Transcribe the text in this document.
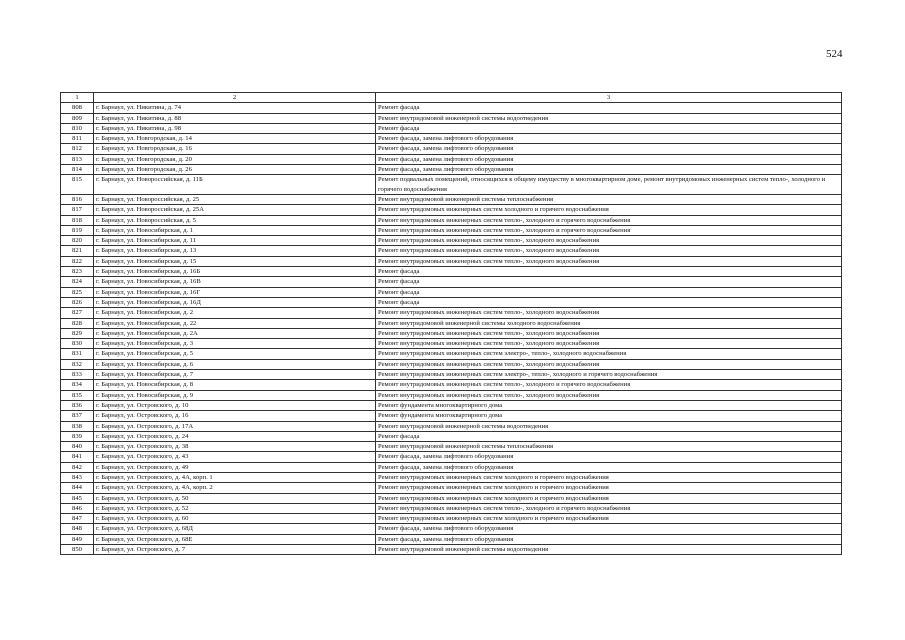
524
1	2	3
808	г. Барнаул, ул. Никитина, д. 74	Ремонт фасада
809	г. Барнаул, ул. Никитина, д. 88	Ремонт внутридомовой инженерной системы водоотведения
810	г. Барнаул, ул. Никитина, д. 98	Ремонт фасада
811	г. Барнаул, ул. Новгородская, д. 14	Ремонт фасада, замена лифтового оборудования
812	г. Барнаул, ул. Новгородская, д. 16	Ремонт фасада, замена лифтового оборудования
813	г. Барнаул, ул. Новгородская, д. 20	Ремонт фасада, замена лифтового оборудования
814	г. Барнаул, ул. Новгородская, д. 26	Ремонт фасада, замена лифтового оборудования
815	г. Барнаул, ул. Новороссийская, д. 11Б	Ремонт подвальных помещений, относящихся к общему имуществу в многоквартирном доме, ремонт внутридомовых инженерных систем тепло-, холодного и горячего водоснабжения
816	г. Барнаул, ул. Новороссийская, д. 25	Ремонт внутридомовой инженерной системы теплоснабжения
817	г. Барнаул, ул. Новороссийская, д. 25А	Ремонт внутридомовых инженерных систем холодного и горячего водоснабжения
818	г. Барнаул, ул. Новороссийская, д. 5	Ремонт внутридомовых инженерных систем тепло-, холодного и горячего водоснабжения
819	г. Барнаул, ул. Новосибирская, д. 1	Ремонт внутридомовых инженерных систем тепло-, холодного и горячего водоснабжения
820	г. Барнаул, ул. Новосибирская, д. 11	Ремонт внутридомовых инженерных систем тепло-, холодного водоснабжения
821	г. Барнаул, ул. Новосибирская, д. 13	Ремонт внутридомовых инженерных систем тепло-, холодного водоснабжения
822	г. Барнаул, ул. Новосибирская, д. 15	Ремонт внутридомовых инженерных систем тепло-, холодного водоснабжения
823	г. Барнаул, ул. Новосибирская, д. 16Б	Ремонт фасада
824	г. Барнаул, ул. Новосибирская, д. 16В	Ремонт фасада
825	г. Барнаул, ул. Новосибирская, д. 16Г	Ремонт фасада
826	г. Барнаул, ул. Новосибирская, д. 16Д	Ремонт фасада
827	г. Барнаул, ул. Новосибирская, д. 2	Ремонт внутридомовых инженерных систем тепло-, холодного водоснабжения
828	г. Барнаул, ул. Новосибирская, д. 22	Ремонт внутридомовой инженерной системы холодного водоснабжения
829	г. Барнаул, ул. Новосибирская, д. 2А	Ремонт внутридомовых инженерных систем тепло-, холодного водоснабжения
830	г. Барнаул, ул. Новосибирская, д. 3	Ремонт внутридомовых инженерных систем тепло-, холодного водоснабжения
831	г. Барнаул, ул. Новосибирская, д. 5	Ремонт внутридомовых инженерных систем электро-, тепло-, холодного водоснабжения
832	г. Барнаул, ул. Новосибирская, д. 6	Ремонт внутридомовых инженерных систем тепло-, холодного водоснабжения
833	г. Барнаул, ул. Новосибирская, д. 7	Ремонт внутридомовых инженерных систем электро-, тепло-, холодного и горячего водоснабжения
834	г. Барнаул, ул. Новосибирская, д. 8	Ремонт внутридомовых инженерных систем тепло-, холодного и горячего водоснабжения
835	г. Барнаул, ул. Новосибирская, д. 9	Ремонт внутридомовых инженерных систем тепло-, холодного водоснабжения
836	г. Барнаул, ул. Островского, д. 10	Ремонт фундамента многоквартирного дома
837	г. Барнаул, ул. Островского, д. 16	Ремонт фундамента многоквартирного дома
838	г. Барнаул, ул. Островского, д. 17А	Ремонт внутридомовой инженерной системы водоотведения
839	г. Барнаул, ул. Островского, д. 24	Ремонт фасада
840	г. Барнаул, ул. Островского, д. 38	Ремонт внутридомовой инженерной системы теплоснабжения
841	г. Барнаул, ул. Островского, д. 43	Ремонт фасада, замена лифтового оборудования
842	г. Барнаул, ул. Островского, д. 49	Ремонт фасада, замена лифтового оборудования
843	г. Барнаул, ул. Островского, д. 4А, корп. 1	Ремонт внутридомовых инженерных систем холодного и горячего водоснабжения
844	г. Барнаул, ул. Островского, д. 4А, корп. 2	Ремонт внутридомовых инженерных систем холодного и горячего водоснабжения
845	г. Барнаул, ул. Островского, д. 50	Ремонт внутридомовых инженерных систем холодного и горячего водоснабжения
846	г. Барнаул, ул. Островского, д. 52	Ремонт внутридомовых инженерных систем тепло-, холодного и горячего водоснабжения
847	г. Барнаул, ул. Островского, д. 60	Ремонт внутридомовых инженерных систем холодного и горячего водоснабжения
848	г. Барнаул, ул. Островского, д. 68Д	Ремонт фасада, замена лифтового оборудования
849	г. Барнаул, ул. Островского, д. 68Е	Ремонт фасада, замена лифтового оборудования
850	г. Барнаул, ул. Островского, д. 7	Ремонт внутридомовой инженерной системы водоотведения
